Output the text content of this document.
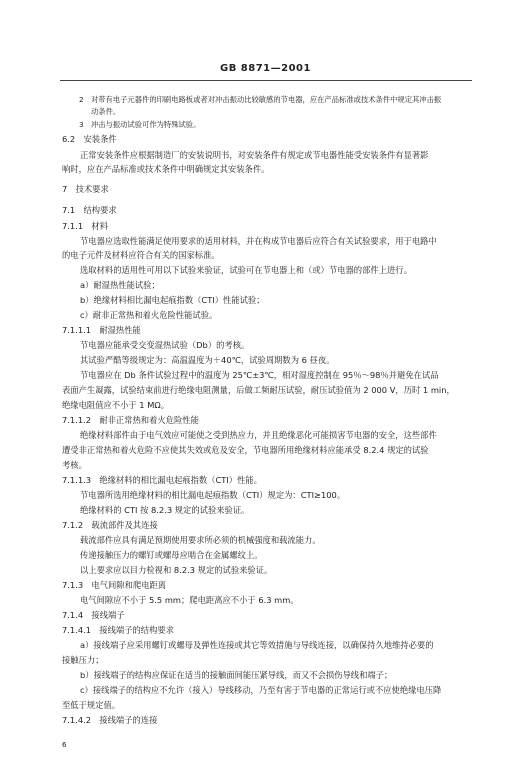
GB 8871—2001
2　对带有电子元器件的印刷电路板或者对冲击振动比较敏感的节电器，应在产品标准或技术条件中规定其冲击振
动条件。
3　冲击与振动试验可作为特殊试验。
6.2　安装条件
正常安装条件应根据制造厂的安装说明书，对安装条件有规定或节电器性能受安装条件有显著影
响时，应在产品标准或技术条件中明确规定其安装条件。
7　技术要求
7.1　结构要求
7.1.1　材料
节电器应选取性能满足使用要求的适用材料，并在构成节电器后应符合有关试验要求，用于电路中
的电子元件及材料应符合有关的国家标准。
选取材料的适用性可用以下试验来验证，试验可在节电器上和（或）节电器的部件上进行。
a）耐湿热性能试验；
b）绝缘材料相比漏电起痕指数（CTI）性能试验；
c）耐非正常热和着火危险性能试验。
7.1.1.1　耐湿热性能
节电器应能承受交变湿热试验（Db）的考核。
其试验严酷等级规定为：高温温度为＋40℃，试验周期数为 6 昼夜。
节电器应在 Db 条件试验过程中的温度为 25℃±3℃，相对湿度控制在 95％～98％并避免在试品
表面产生凝露，试验结束前进行绝缘电阻测量，后做工频耐压试验，耐压试验值为 2 000 V，历时 1 min，
绝缘电阻值应不小于 1 MΩ。
7.1.1.2　耐非正常热和着火危险性能
绝缘材料部件由于电气效应可能使之受到热应力，并且绝缘恶化可能损害节电器的安全，这些部件
遭受非正常热和着火危险不应使其失效或危及安全，节电器所用绝缘材料应能承受 8.2.4 规定的试验
考核。
7.1.1.3　绝缘材料的相比漏电起痕指数（CTI）性能。
节电器所选用绝缘材料的相比漏电起痕指数（CTI）规定为：CTI≥100。
绝缘材料的 CTI 按 8.2.3 规定的试验来验证。
7.1.2　载流部件及其连接
载流部件应具有满足预期使用要求所必须的机械强度和载流能力。
传递接触压力的螺钉或螺母应啮合在金属螺纹上。
以上要求应以目力检视和 8.2.3 规定的试验来验证。
7.1.3　电气间隙和爬电距离
电气间隙应不小于 5.5 mm；爬电距离应不小于 6.3 mm。
7.1.4　接线端子
7.1.4.1　接线端子的结构要求
a）接线端子应采用螺钉或螺母及弹性连接或其它等效措施与导线连接，以确保持久地维持必要的
接触压力；
b）接线端子的结构应保证在适当的接触面间能压紧导线，而又不会损伤导线和端子；
c）接线端子的结构应不允许（接入）导线移动，乃至有害于节电器的正常运行或不应使绝缘电压降
至低于规定值。
7.1.4.2　接线端子的连接
6
